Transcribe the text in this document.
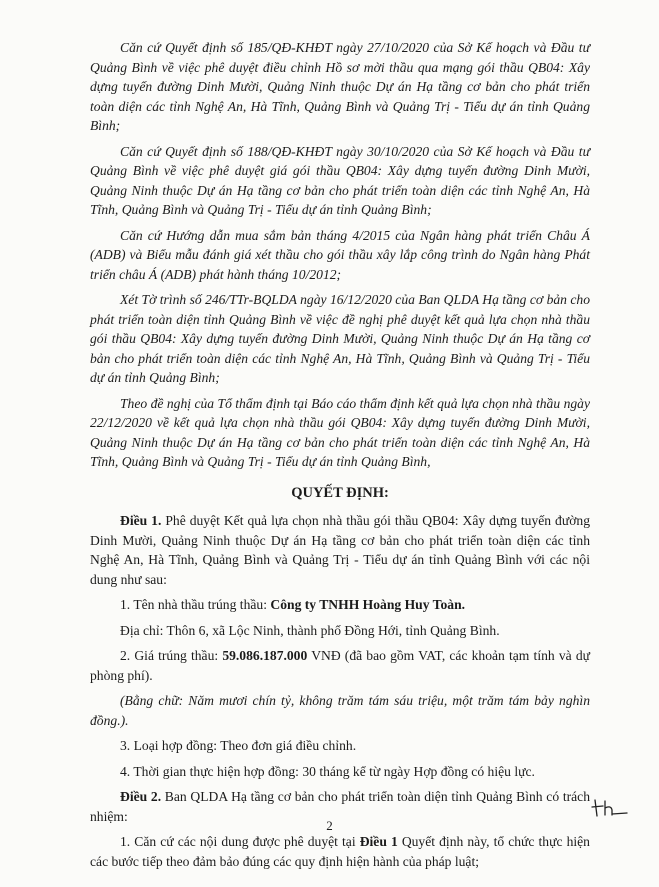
Căn cứ Quyết định số 185/QĐ-KHĐT ngày 27/10/2020 của Sở Kế hoạch và Đầu tư Quảng Bình về việc phê duyệt điều chỉnh Hồ sơ mời thầu qua mạng gói thầu QB04: Xây dựng tuyến đường Dinh Mười, Quảng Ninh thuộc Dự án Hạ tầng cơ bản cho phát triển toàn diện các tỉnh Nghệ An, Hà Tĩnh, Quảng Bình và Quảng Trị - Tiểu dự án tỉnh Quảng Bình;

Căn cứ Quyết định số 188/QĐ-KHĐT ngày 30/10/2020 của Sở Kế hoạch và Đầu tư Quảng Bình về việc phê duyệt giá gói thầu QB04: Xây dựng tuyến đường Dinh Mười, Quảng Ninh thuộc Dự án Hạ tầng cơ bản cho phát triển toàn diện các tỉnh Nghệ An, Hà Tĩnh, Quảng Bình và Quảng Trị - Tiểu dự án tỉnh Quảng Bình;

Căn cứ Hướng dẫn mua sắm bản tháng 4/2015 của Ngân hàng phát triển Châu Á (ADB) và Biểu mẫu đánh giá xét thầu cho gói thầu xây lắp công trình do Ngân hàng Phát triển châu Á (ADB) phát hành tháng 10/2012;

Xét Tờ trình số 246/TTr-BQLDA ngày 16/12/2020 của Ban QLDA Hạ tầng cơ bản cho phát triển toàn diện tỉnh Quảng Bình về việc đề nghị phê duyệt kết quả lựa chọn nhà thầu gói thầu QB04: Xây dựng tuyến đường Dinh Mười, Quảng Ninh thuộc Dự án Hạ tầng cơ bản cho phát triển toàn diện các tỉnh Nghệ An, Hà Tĩnh, Quảng Bình và Quảng Trị - Tiểu dự án tỉnh Quảng Bình;

Theo đề nghị của Tổ thẩm định tại Báo cáo thẩm định kết quả lựa chọn nhà thầu ngày 22/12/2020 về kết quả lựa chọn nhà thầu gói QB04: Xây dựng tuyến đường Dinh Mười, Quảng Ninh thuộc Dự án Hạ tầng cơ bản cho phát triển toàn diện các tỉnh Nghệ An, Hà Tĩnh, Quảng Bình và Quảng Trị - Tiểu dự án tỉnh Quảng Bình,

QUYẾT ĐỊNH:

Điều 1. Phê duyệt Kết quả lựa chọn nhà thầu gói thầu QB04: Xây dựng tuyến đường Dinh Mười, Quảng Ninh thuộc Dự án Hạ tầng cơ bản cho phát triển toàn diện các tỉnh Nghệ An, Hà Tĩnh, Quảng Bình và Quảng Trị - Tiểu dự án tỉnh Quảng Bình với các nội dung như sau:

1. Tên nhà thầu trúng thầu: Công ty TNHH Hoàng Huy Toàn.

Địa chỉ: Thôn 6, xã Lộc Ninh, thành phố Đồng Hới, tỉnh Quảng Bình.

2. Giá trúng thầu: 59.086.187.000 VNĐ (đã bao gồm VAT, các khoản tạm tính và dự phòng phí).

(Bằng chữ: Năm mươi chín tỷ, không trăm tám sáu triệu, một trăm tám bảy nghìn đồng.).

3. Loại hợp đồng: Theo đơn giá điều chỉnh.

4. Thời gian thực hiện hợp đồng: 30 tháng kể từ ngày Hợp đồng có hiệu lực.

Điều 2. Ban QLDA Hạ tầng cơ bản cho phát triển toàn diện tỉnh Quảng Bình có trách nhiệm:

1. Căn cứ các nội dung được phê duyệt tại Điều 1 Quyết định này, tổ chức thực hiện các bước tiếp theo đảm bảo đúng các quy định hiện hành của pháp luật;

2
